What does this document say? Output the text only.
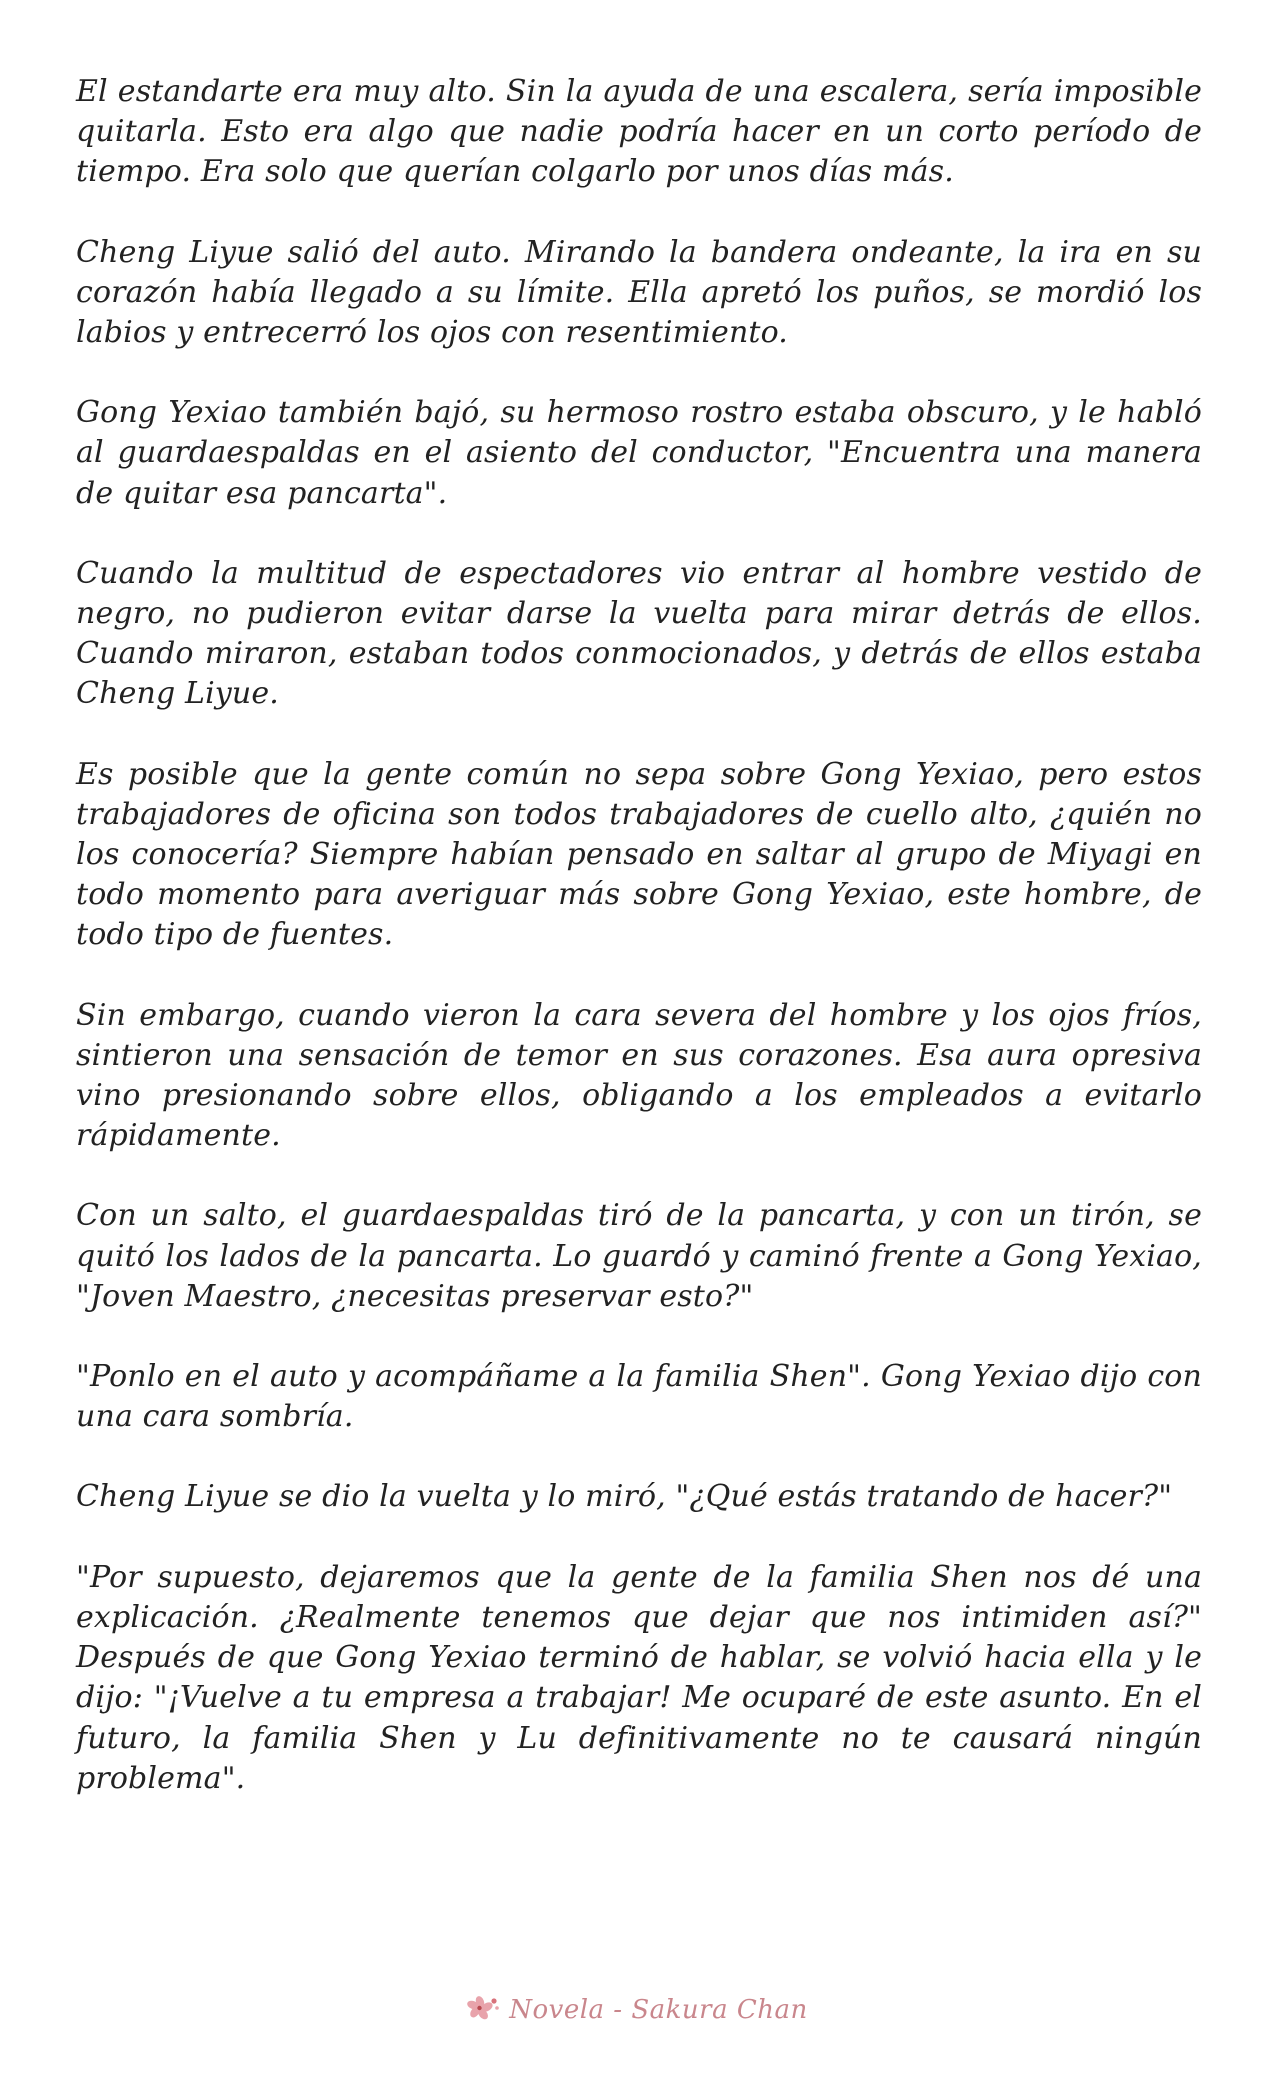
El estandarte era muy alto. Sin la ayuda de una escalera, sería imposible quitarla. Esto era algo que nadie podría hacer en un corto período de tiempo. Era solo que querían colgarlo por unos días más.

Cheng Liyue salió del auto. Mirando la bandera ondeante, la ira en su corazón había llegado a su límite. Ella apretó los puños, se mordió los labios y entrecerró los ojos con resentimiento.

Gong Yexiao también bajó, su hermoso rostro estaba obscuro, y le habló al guardaespaldas en el asiento del conductor, "Encuentra una manera de quitar esa pancarta".

Cuando la multitud de espectadores vio entrar al hombre vestido de negro, no pudieron evitar darse la vuelta para mirar detrás de ellos. Cuando miraron, estaban todos conmocionados, y detrás de ellos estaba Cheng Liyue.

Es posible que la gente común no sepa sobre Gong Yexiao, pero estos trabajadores de oficina son todos trabajadores de cuello alto, ¿quién no los conocería? Siempre habían pensado en saltar al grupo de Miyagi en todo momento para averiguar más sobre Gong Yexiao, este hombre, de todo tipo de fuentes.

Sin embargo, cuando vieron la cara severa del hombre y los ojos fríos, sintieron una sensación de temor en sus corazones. Esa aura opresiva vino presionando sobre ellos, obligando a los empleados a evitarlo rápidamente.

Con un salto, el guardaespaldas tiró de la pancarta, y con un tirón, se quitó los lados de la pancarta. Lo guardó y caminó frente a Gong Yexiao, "Joven Maestro, ¿necesitas preservar esto?"

"Ponlo en el auto y acompáñame a la familia Shen". Gong Yexiao dijo con una cara sombría.

Cheng Liyue se dio la vuelta y lo miró, "¿Qué estás tratando de hacer?"

"Por supuesto, dejaremos que la gente de la familia Shen nos dé una explicación. ¿Realmente tenemos que dejar que nos intimiden así?" Después de que Gong Yexiao terminó de hablar, se volvió hacia ella y le dijo: "¡Vuelve a tu empresa a trabajar! Me ocuparé de este asunto. En el futuro, la familia Shen y Lu definitivamente no te causará ningún problema".

Novela - Sakura Chan
